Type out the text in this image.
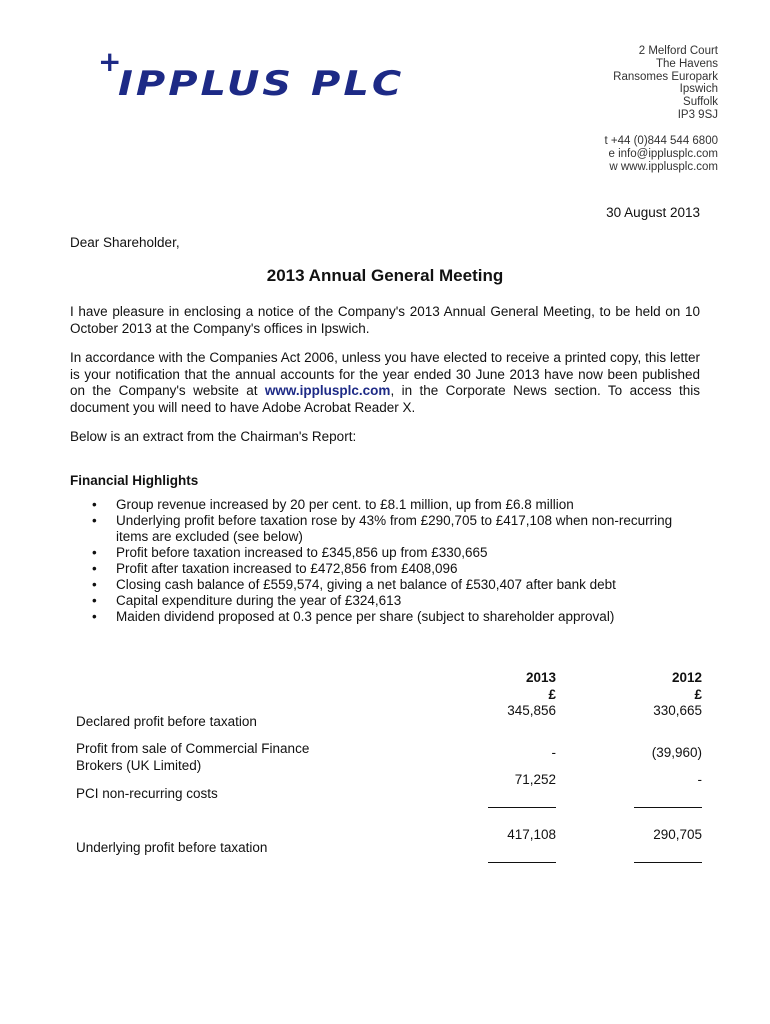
+
IPPLUS PLC
2 Melford Court
The Havens
Ransomes Europark
Ipswich
Suffolk
IP3 9SJ
t +44 (0)844 544 6800
e info@ipplusplc.com
w www.ipplusplc.com
30 August 2013
Dear Shareholder,
2013 Annual General Meeting
I have pleasure in enclosing a notice of the Company's 2013 Annual General Meeting, to be held on 10 October 2013 at the Company's offices in Ipswich.
In accordance with the Companies Act 2006, unless you have elected to receive a printed copy, this letter is your notification that the annual accounts for the year ended 30 June 2013 have now been published on the Company's website at www.ipplusplc.com, in the Corporate News section. To access this document you will need to have Adobe Acrobat Reader X.
Below is an extract from the Chairman's Report:
Financial Highlights
• Group revenue increased by 20 per cent. to £8.1 million, up from £6.8 million
• Underlying profit before taxation rose by 43% from £290,705 to £417,108 when non-recurring items are excluded (see below)
• Profit before taxation increased to £345,856 up from £330,665
• Profit after taxation increased to £472,856 from £408,096
• Closing cash balance of £559,574, giving a net balance of £530,407 after bank debt
• Capital expenditure during the year of £324,613
• Maiden dividend proposed at 0.3 pence per share (subject to shareholder approval)
2013	2012
£	£
Declared profit before taxation
345,856	330,665
Profit from sale of Commercial Finance Brokers (UK Limited)
-	(39,960)
PCI non-recurring costs
71,252	-
Underlying profit before taxation
417,108	290,705
